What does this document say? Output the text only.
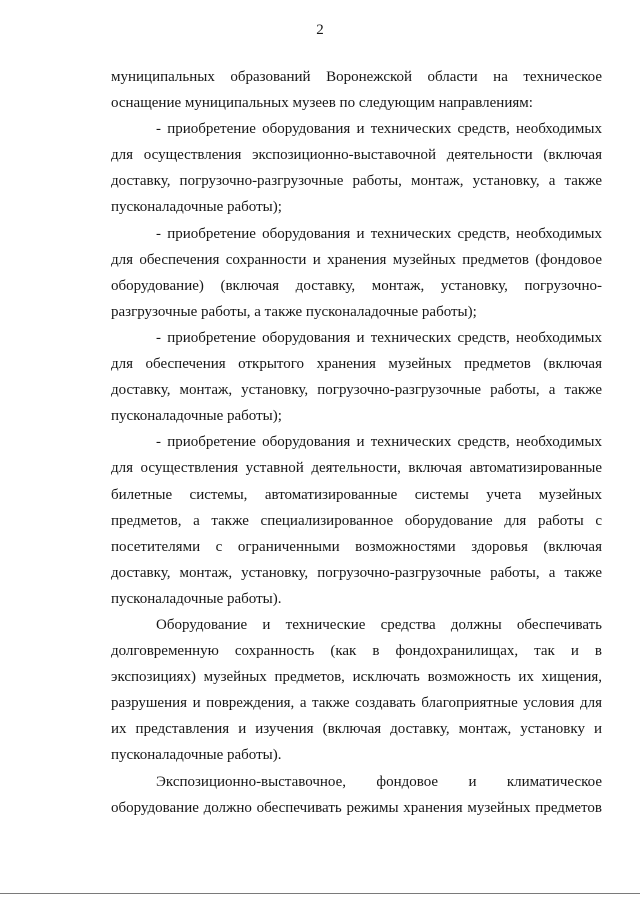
2
муниципальных образований Воронежской области на техническое
оснащение муниципальных музеев по следующим направлениям:
- приобретение оборудования и технических средств, необходимых
для осуществления экспозиционно-выставочной деятельности (включая
доставку, погрузочно-разгрузочные работы, монтаж, установку, а также
пусконаладочные работы);
- приобретение оборудования и технических средств, необходимых
для обеспечения сохранности и хранения музейных предметов (фондовое
оборудование) (включая доставку, монтаж, установку, погрузочно-
разгрузочные работы, а также пусконаладочные работы);
- приобретение оборудования и технических средств, необходимых
для обеспечения открытого хранения музейных предметов (включая
доставку, монтаж, установку, погрузочно-разгрузочные работы, а также
пусконаладочные работы);
- приобретение оборудования и технических средств, необходимых
для осуществления уставной деятельности, включая автоматизированные
билетные системы, автоматизированные системы учета музейных
предметов, а также специализированное оборудование для работы с
посетителями с ограниченными возможностями здоровья (включая
доставку, монтаж, установку, погрузочно-разгрузочные работы, а также
пусконаладочные работы).
Оборудование и технические средства должны обеспечивать
долговременную сохранность (как в фондохранилищах, так и в
экспозициях) музейных предметов, исключать возможность их хищения,
разрушения и повреждения, а также создавать благоприятные условия для
их представления и изучения (включая доставку, монтаж, установку и
пусконаладочные работы).
Экспозиционно-выставочное, фондовое и климатическое
оборудование должно обеспечивать режимы хранения музейных предметов
